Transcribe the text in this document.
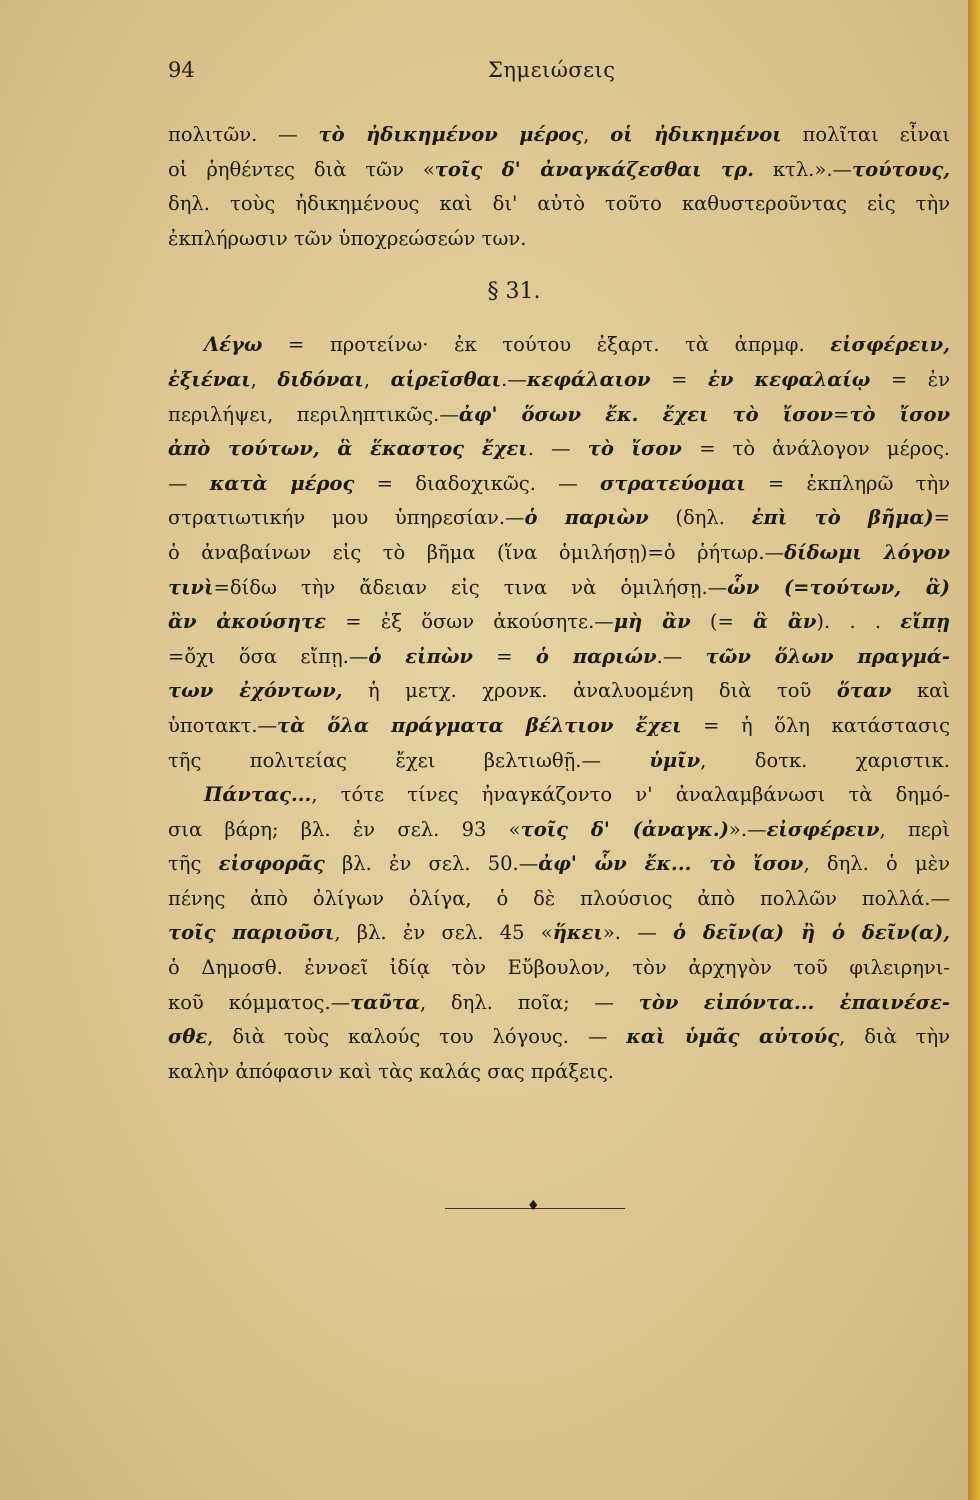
94	Σημειώσεις
πολιτῶν. — τὸ ἠδικημένον μέρος, οἱ ἠδικημένοι πολῖται εἶναι
οἱ ῥηθέντες διὰ τῶν «τοῖς δ' ἀναγκάζεσθαι τρ. κτλ.».—τούτους,
δηλ. τοὺς ἠδικημένους καὶ δι' αὐτὸ τοῦτο καθυστεροῦντας εἰς τὴν
ἐκπλήρωσιν τῶν ὑποχρεώσεών των.
§ 31.
Λέγω = προτείνω· ἐκ τούτου ἐξαρτ. τὰ ἀπρμφ. εἰσφέρειν,
ἐξιέναι, διδόναι, αἱρεῖσθαι.—κεφάλαιον = ἐν κεφαλαίῳ = ἐν
περιλήψει, περιληπτικῶς.—ἀφ' ὅσων ἔκ. ἔχει τὸ ἴσον=τὸ ἴσον
ἀπὸ τούτων, ἃ ἕκαστος ἔχει. — τὸ ἴσον = τὸ ἀνάλογον μέρος.
— κατὰ μέρος = διαδοχικῶς. — στρατεύομαι = ἐκπληρῶ τὴν
στρατιωτικήν μου ὑπηρεσίαν.—ὁ παριὼν (δηλ. ἐπὶ τὸ βῆμα)=
ὁ ἀναβαίνων εἰς τὸ βῆμα (ἵνα ὁμιλήσῃ)=ὁ ῥήτωρ.—δίδωμι λόγον
τινὶ=δίδω τὴν ἄδειαν εἰς τινα νὰ ὁμιλήσῃ.—ὧν (=τούτων, ἃ)
ἂν ἀκούσητε = ἐξ ὅσων ἀκούσητε.—μὴ ἂν (= ἃ ἂν). . . εἴπῃ
=ὄχι ὅσα εἴπῃ.—ὁ εἰπὼν = ὁ παριών.— τῶν ὅλων πραγμά-
των ἐχόντων, ἡ μετχ. χρονκ. ἀναλυομένη διὰ τοῦ ὅταν καὶ
ὑποτακτ.—τὰ ὅλα πράγματα βέλτιον ἔχει = ἡ ὅλη κατάστασις
τῆς πολιτείας ἔχει βελτιωθῇ.— ὑμῖν, δοτκ. χαριστικ.
Πάντας..., τότε τίνες ἠναγκάζοντο ν' ἀναλαμβάνωσι τὰ δημό-
σια βάρη; βλ. ἐν σελ. 93 «τοῖς δ' (ἀναγκ.)».—εἰσφέρειν, περὶ
τῆς εἰσφορᾶς βλ. ἐν σελ. 50.—ἀφ' ὧν ἔκ... τὸ ἴσον, δηλ. ὁ μὲν
πένης ἀπὸ ὀλίγων ὀλίγα, ὁ δὲ πλούσιος ἀπὸ πολλῶν πολλά.—
τοῖς παριοῦσι, βλ. ἐν σελ. 45 «ἥκει». — ὁ δεῖν(α) ἢ ὁ δεῖν(α),
ὁ Δημοσθ. ἐννοεῖ ἰδίᾳ τὸν Εὔβουλον, τὸν ἀρχηγὸν τοῦ φιλειρηνι-
κοῦ κόμματος.—ταῦτα, δηλ. ποῖα; — τὸν εἰπόντα... ἐπαινέσε-
σθε, διὰ τοὺς καλούς του λόγους. — καὶ ὑμᾶς αὐτούς, διὰ τὴν
καλὴν ἀπόφασιν καὶ τὰς καλάς σας πράξεις.
♦
